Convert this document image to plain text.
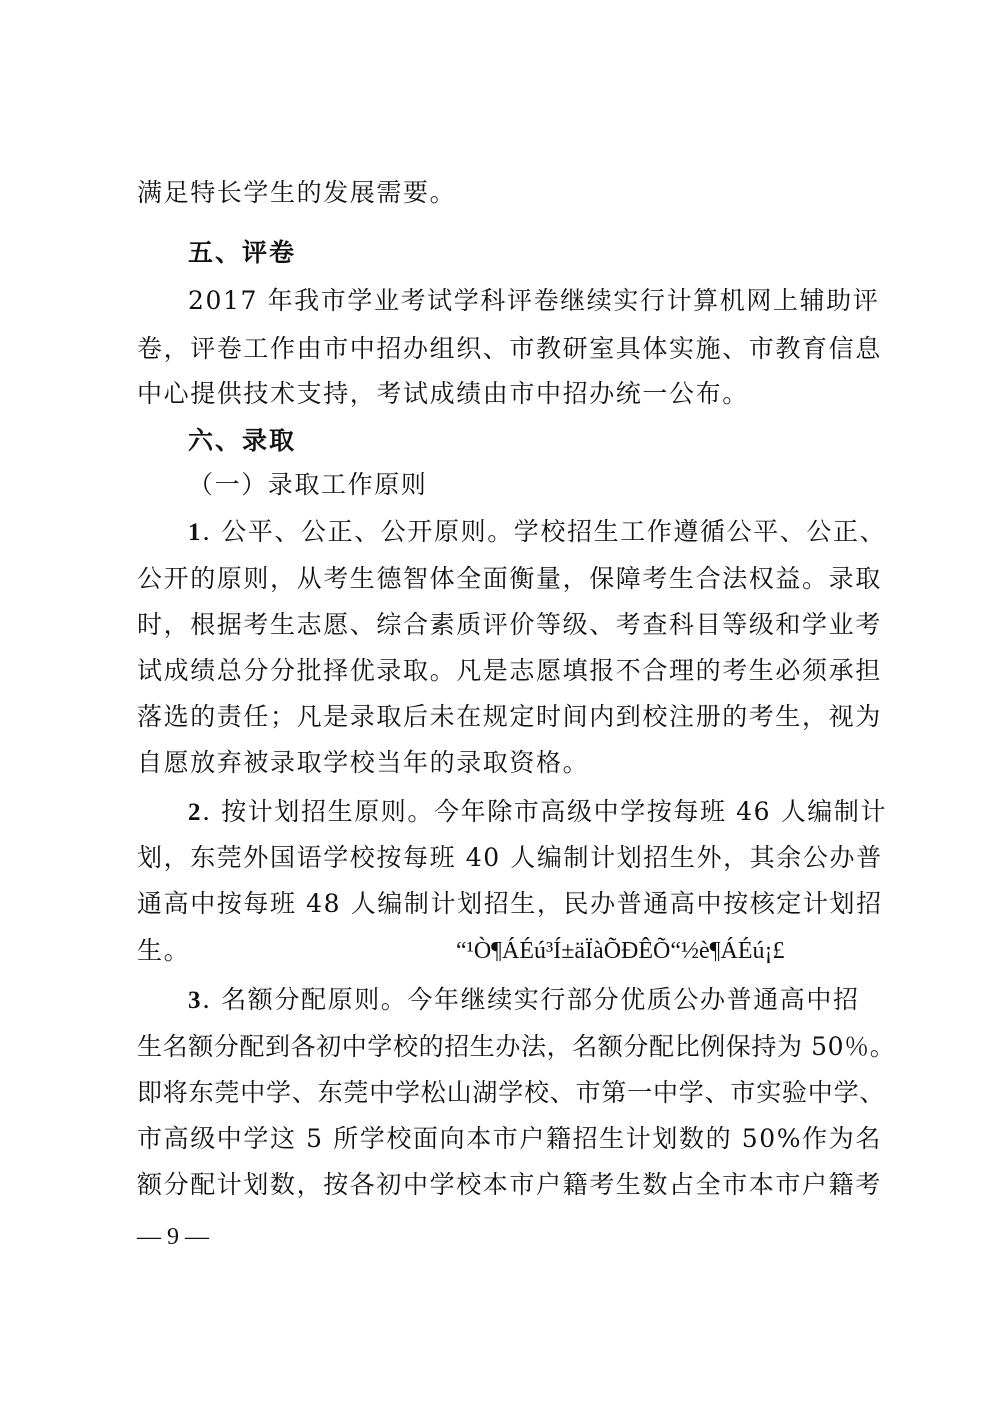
满足特长学生的发展需要。
五、评卷
2017 年我市学业考试学科评卷继续实行计算机网上辅助评
卷，评卷工作由市中招办组织、市教研室具体实施、市教育信息
中心提供技术支持，考试成绩由市中招办统一公布。
六、录取
（一）录取工作原则
1. 公平、公正、公开原则。学校招生工作遵循公平、公正、
公开的原则，从考生德智体全面衡量，保障考生合法权益。录取
时，根据考生志愿、综合素质评价等级、考查科目等级和学业考
试成绩总分分批择优录取。凡是志愿填报不合理的考生必须承担
落选的责任；凡是录取后未在规定时间内到校注册的考生，视为
自愿放弃被录取学校当年的录取资格。
2. 按计划招生原则。今年除市高级中学按每班 46 人编制计
划，东莞外国语学校按每班 40 人编制计划招生外，其余公办普
通高中按每班 48 人编制计划招生，民办普通高中按核定计划招
生。	“¹Ò¶ÁÉú³Í±äÏàÕÐÊÕ“½è¶ÁÉú¡£
3. 名额分配原则。今年继续实行部分优质公办普通高中招
生名额分配到各初中学校的招生办法，名额分配比例保持为 50％。
即将东莞中学、东莞中学松山湖学校、市第一中学、市实验中学、
市高级中学这 5 所学校面向本市户籍招生计划数的 50%作为名
额分配计划数，按各初中学校本市户籍考生数占全市本市户籍考
— 9 —
